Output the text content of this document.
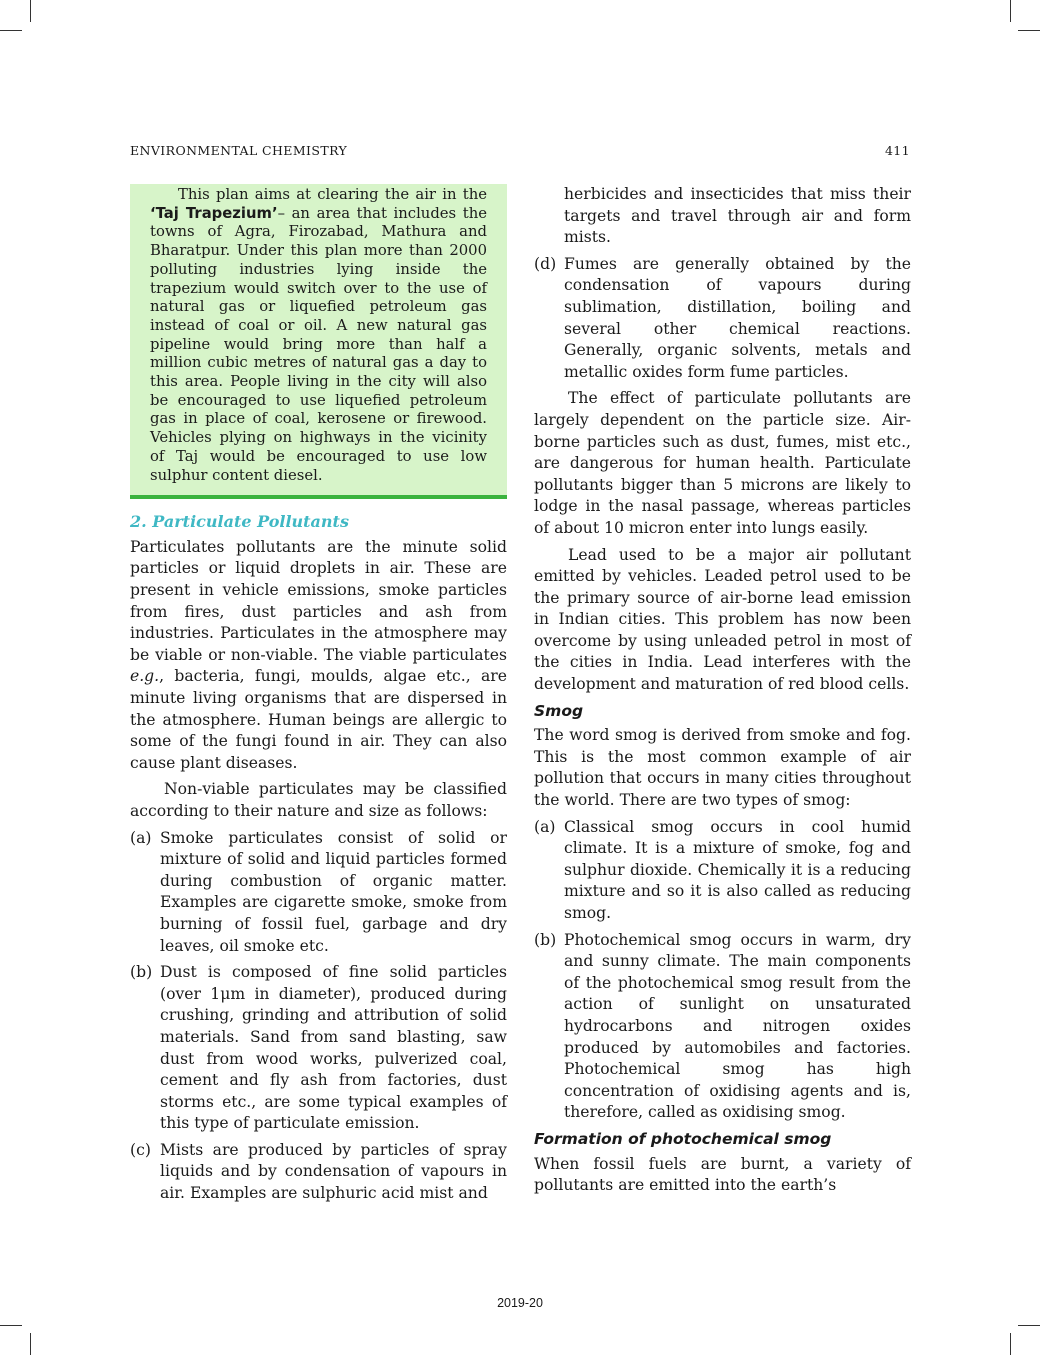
ENVIRONMENTAL CHEMISTRY	411

This plan aims at clearing the air in the ‘Taj Trapezium’– an area that includes the towns of Agra, Firozabad, Mathura and Bharatpur. Under this plan more than 2000 polluting industries lying inside the trapezium would switch over to the use of natural gas or liquefied petroleum gas instead of coal or oil. A new natural gas pipeline would bring more than half a million cubic metres of natural gas a day to this area. People living in the city will also be encouraged to use liquefied petroleum gas in place of coal, kerosene or firewood. Vehicles plying on highways in the vicinity of Taj would be encouraged to use low sulphur content diesel.

2. Particulate Pollutants

Particulates pollutants are the minute solid particles or liquid droplets in air. These are present in vehicle emissions, smoke particles from fires, dust particles and ash from industries. Particulates in the atmosphere may be viable or non-viable. The viable particulates e.g., bacteria, fungi, moulds, algae etc., are minute living organisms that are dispersed in the atmosphere. Human beings are allergic to some of the fungi found in air. They can also cause plant diseases.

Non-viable particulates may be classified according to their nature and size as follows:

(a) Smoke particulates consist of solid or mixture of solid and liquid particles formed during combustion of organic matter. Examples are cigarette smoke, smoke from burning of fossil fuel, garbage and dry leaves, oil smoke etc.
(b) Dust is composed of fine solid particles (over 1μm in diameter), produced during crushing, grinding and attribution of solid materials. Sand from sand blasting, saw dust from wood works, pulverized coal, cement and fly ash from factories, dust storms etc., are some typical examples of this type of particulate emission.
(c) Mists are produced by particles of spray liquids and by condensation of vapours in air. Examples are sulphuric acid mist and
herbicides and insecticides that miss their targets and travel through air and form mists.
(d) Fumes are generally obtained by the condensation of vapours during sublimation, distillation, boiling and several other chemical reactions. Generally, organic solvents, metals and metallic oxides form fume particles.

The effect of particulate pollutants are largely dependent on the particle size. Air-borne particles such as dust, fumes, mist etc., are dangerous for human health. Particulate pollutants bigger than 5 microns are likely to lodge in the nasal passage, whereas particles of about 10 micron enter into lungs easily.

Lead used to be a major air pollutant emitted by vehicles. Leaded petrol used to be the primary source of air-borne lead emission in Indian cities. This problem has now been overcome by using unleaded petrol in most of the cities in India. Lead interferes with the development and maturation of red blood cells.

Smog

The word smog is derived from smoke and fog. This is the most common example of air pollution that occurs in many cities throughout the world. There are two types of smog:

(a) Classical smog occurs in cool humid climate. It is a mixture of smoke, fog and sulphur dioxide. Chemically it is a reducing mixture and so it is also called as reducing smog.
(b) Photochemical smog occurs in warm, dry and sunny climate. The main components of the photochemical smog result from the action of sunlight on unsaturated hydrocarbons and nitrogen oxides produced by automobiles and factories. Photochemical smog has high concentration of oxidising agents and is, therefore, called as oxidising smog.
Formation of photochemical smog

When fossil fuels are burnt, a variety of pollutants are emitted into the earth’s

2019-20
